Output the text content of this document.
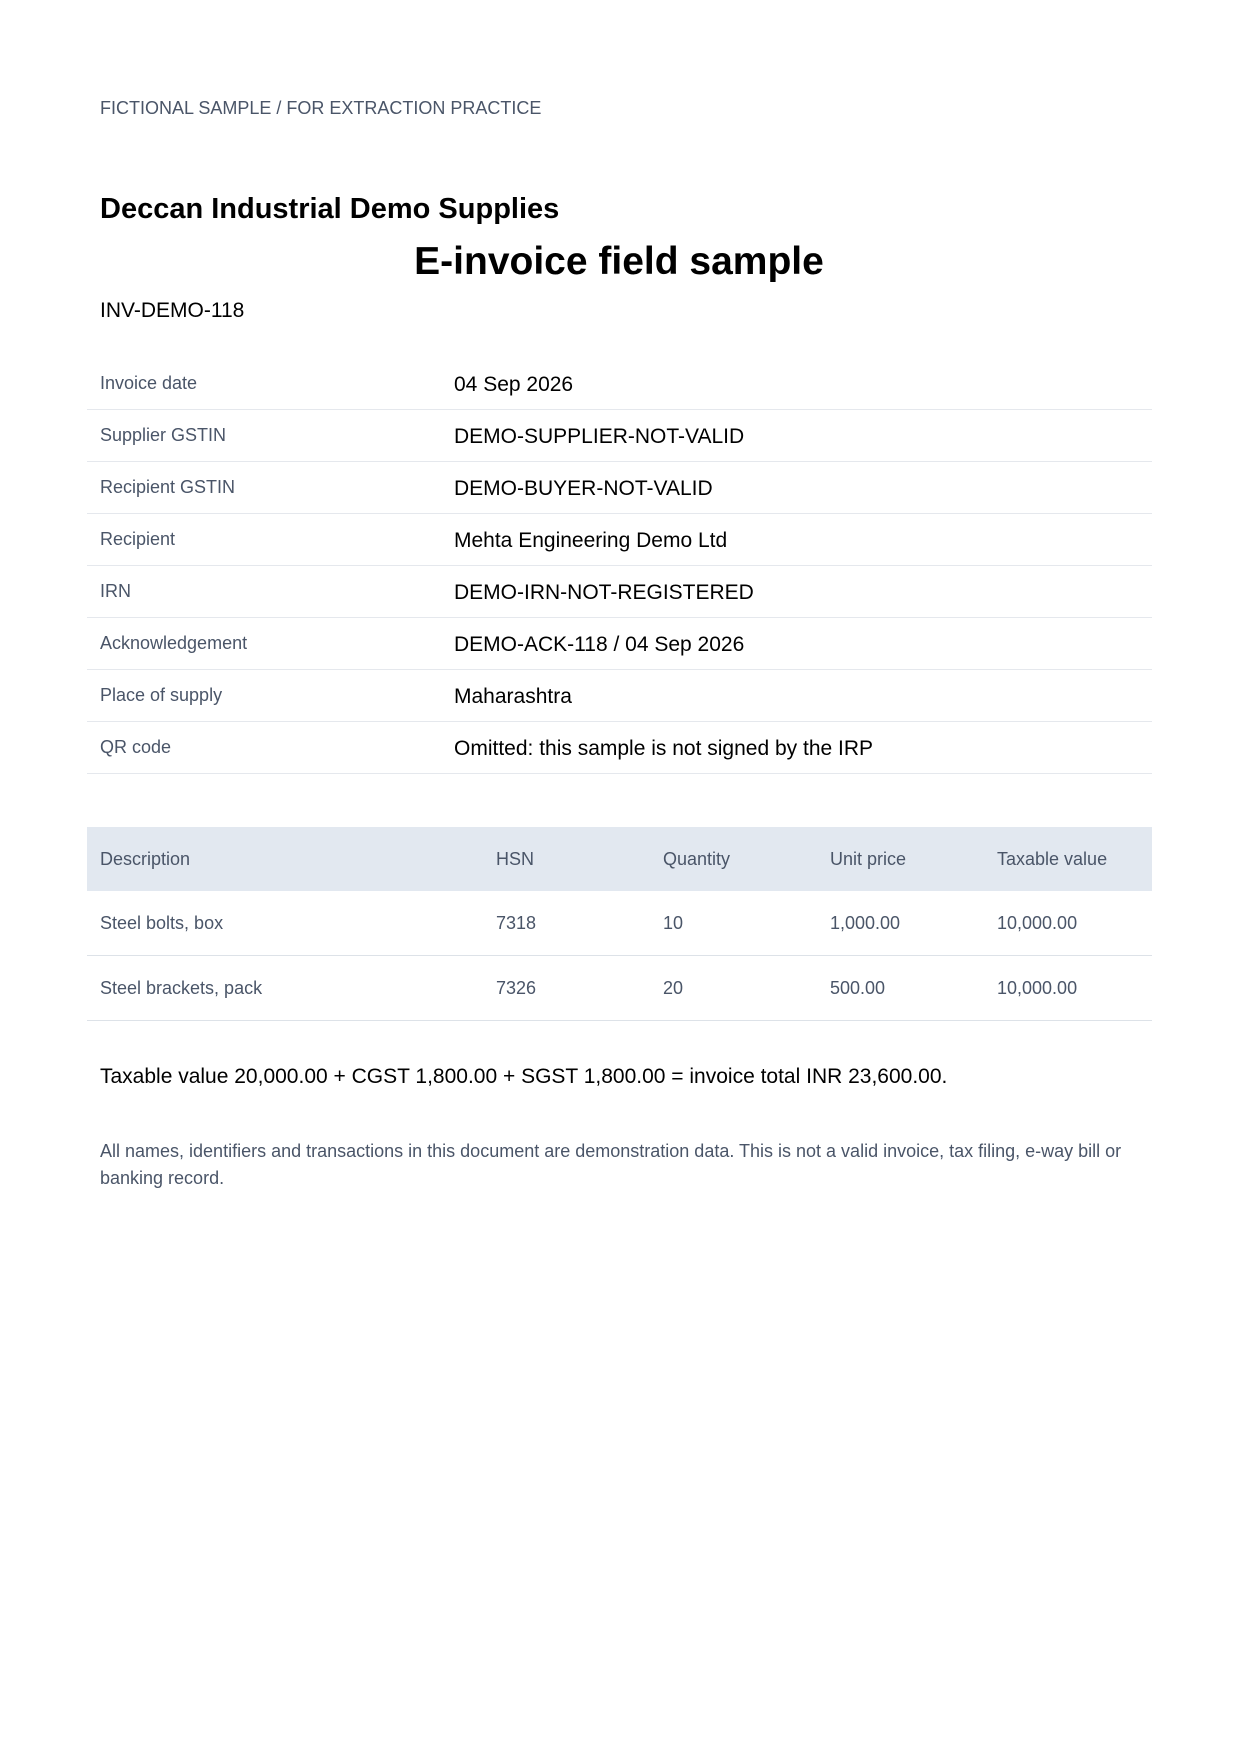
FICTIONAL SAMPLE / FOR EXTRACTION PRACTICE
Deccan Industrial Demo Supplies
E-invoice field sample
INV-DEMO-118
Invoice date	04 Sep 2026
Supplier GSTIN	DEMO-SUPPLIER-NOT-VALID
Recipient GSTIN	DEMO-BUYER-NOT-VALID
Recipient	Mehta Engineering Demo Ltd
IRN	DEMO-IRN-NOT-REGISTERED
Acknowledgement	DEMO-ACK-118 / 04 Sep 2026
Place of supply	Maharashtra
QR code	Omitted: this sample is not signed by the IRP
Description	HSN	Quantity	Unit price	Taxable value
Steel bolts, box	7318	10	1,000.00	10,000.00
Steel brackets, pack	7326	20	500.00	10,000.00
Taxable value 20,000.00 + CGST 1,800.00 + SGST 1,800.00 = invoice total INR 23,600.00.
All names, identifiers and transactions in this document are demonstration data. This is not a valid invoice, tax filing, e-way bill or banking record.
